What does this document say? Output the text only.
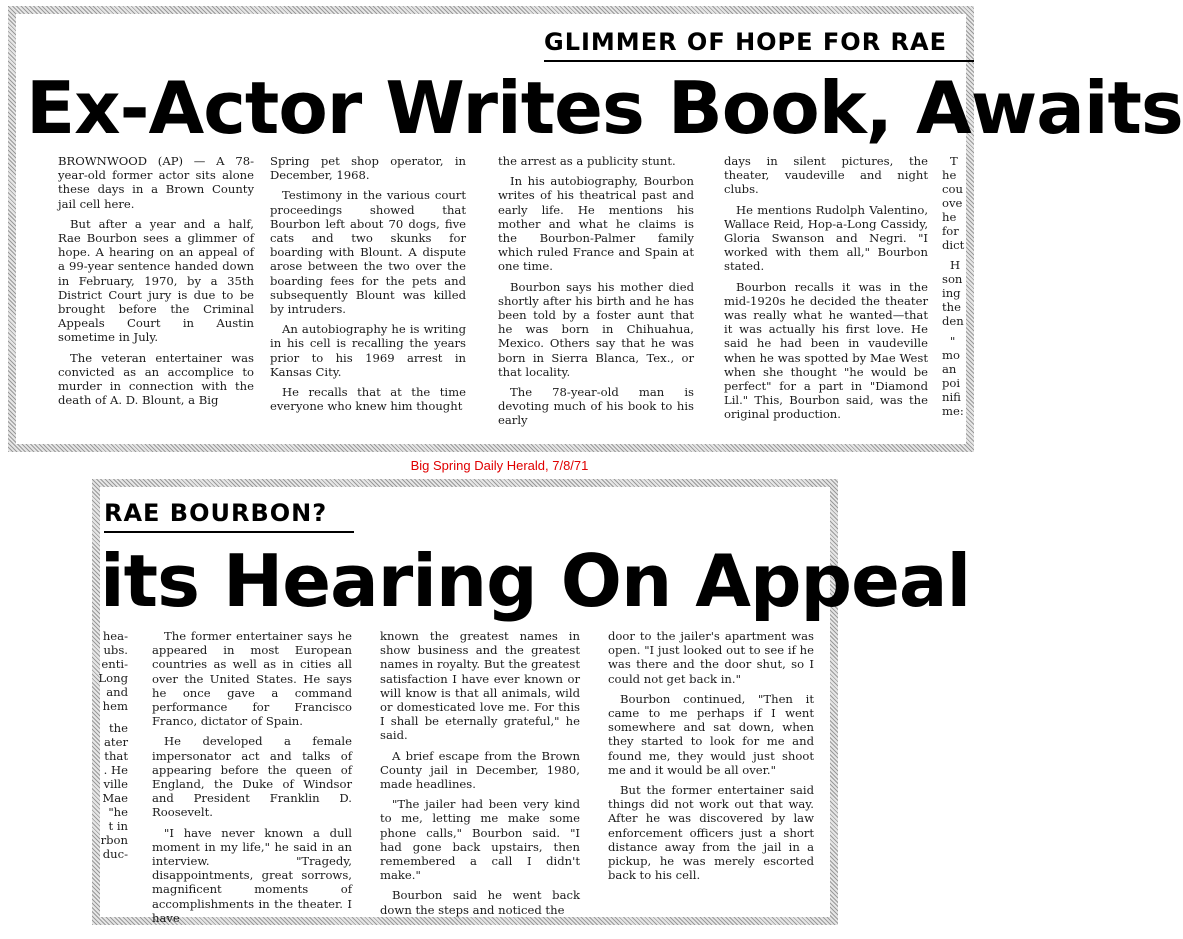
GLIMMER OF HOPE FOR RAE
Ex-Actor Writes Book, Awaits

BROWNWOOD (AP) — A 78-year-old former actor sits alone these days in a Brown County jail cell here.

But after a year and a half, Rae Bourbon sees a glimmer of hope. A hearing on an appeal of a 99-year sentence handed down in February, 1970, by a 35th District Court jury is due to be brought before the Criminal Appeals Court in Austin sometime in July.

The veteran entertainer was convicted as an accomplice to murder in connection with the death of A. D. Blount, a Big

Spring pet shop operator, in December, 1968.

Testimony in the various court proceedings showed that Bourbon left about 70 dogs, five cats and two skunks for boarding with Blount. A dispute arose between the two over the boarding fees for the pets and subsequently Blount was killed by intruders.

An autobiography he is writing in his cell is recalling the years prior to his 1969 arrest in Kansas City.

He recalls that at the time everyone who knew him thought

the arrest as a publicity stunt.

In his autobiography, Bourbon writes of his theatrical past and early life. He mentions his mother and what he claims is the Bourbon-Palmer family which ruled France and Spain at one time.

Bourbon says his mother died shortly after his birth and he has been told by a foster aunt that he was born in Chihuahua, Mexico. Others say that he was born in Sierra Blanca, Tex., or that locality.

The 78-year-old man is devoting much of his book to his early

days in silent pictures, the theater, vaudeville and night clubs.

He mentions Rudolph Valentino, Wallace Reid, Hop-a-Long Cassidy, Gloria Swanson and Negri. "I worked with them all," Bourbon stated.

Bourbon recalls it was in the mid-1920s he decided the theater was really what he wanted—that it was actually his first love. He said he had been in vaudeville when he was spotted by Mae West when she thought "he would be perfect" for a part in "Diamond Lil." This, Bourbon said, was the original production.

T
he
cou
ove
he
for
dict
H
son
ing
the
den
"
mo
an
poi
nifi
me:
Big Spring Daily Herald, 7/8/71
RAE BOURBON?
its Hearing On Appeal
hea-
ubs.
enti-
Long
and
hem
the
ater
that
. He
ville
Mae
"he
t in
rbon
duc-

The former entertainer says he appeared in most European countries as well as in cities all over the United States. He says he once gave a command performance for Francisco Franco, dictator of Spain.

He developed a female impersonator act and talks of appearing before the queen of England, the Duke of Windsor and President Franklin D. Roosevelt.

"I have never known a dull moment in my life," he said in an interview. "Tragedy, disappointments, great sorrows, magnificent moments of accomplishments in the theater. I have

known the greatest names in show business and the greatest names in royalty. But the greatest satisfaction I have ever known or will know is that all animals, wild or domesticated love me. For this I shall be eternally grateful," he said.

A brief escape from the Brown County jail in December, 1980, made headlines.

"The jailer had been very kind to me, letting me make some phone calls," Bourbon said. "I had gone back upstairs, then remembered a call I didn't make."

Bourbon said he went back down the steps and noticed the

door to the jailer's apartment was open. "I just looked out to see if he was there and the door shut, so I could not get back in."

Bourbon continued, "Then it came to me perhaps if I went somewhere and sat down, when they started to look for me and found me, they would just shoot me and it would be all over."

But the former entertainer said things did not work out that way. After he was discovered by law enforcement officers just a short distance away from the jail in a pickup, he was merely escorted back to his cell.
